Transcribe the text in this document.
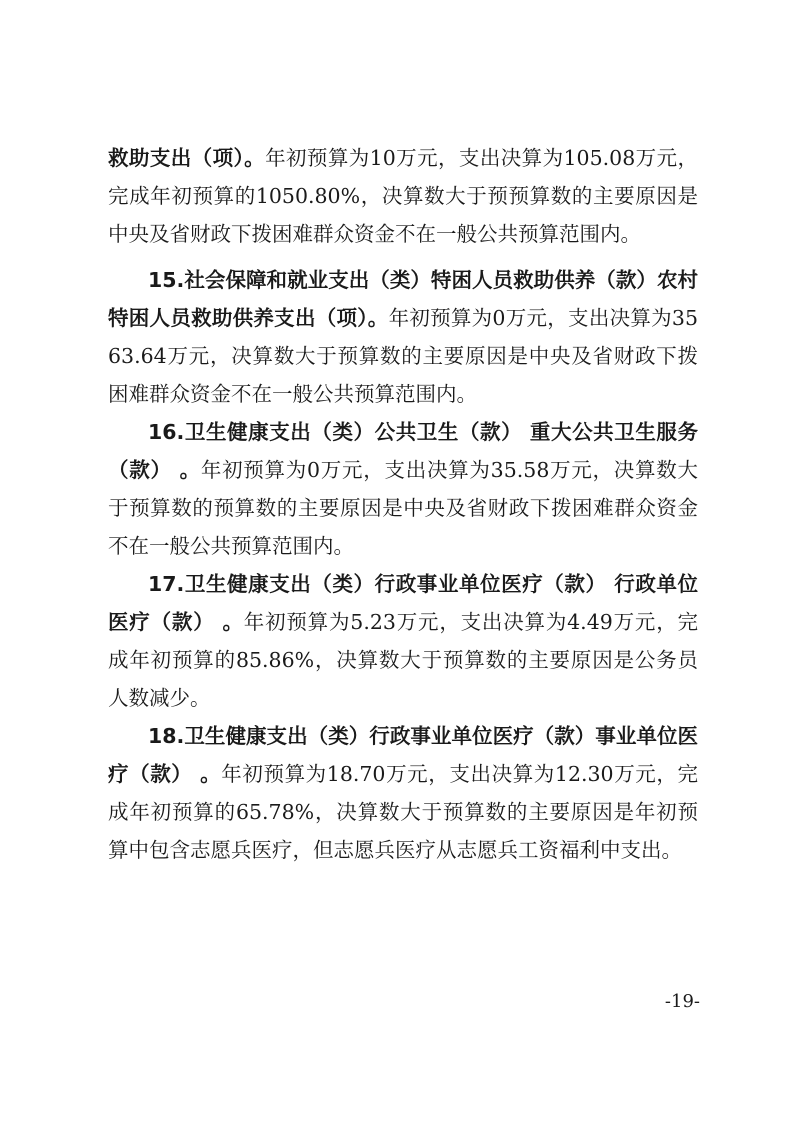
救助支出（项）。年初预算为10万元，支出决算为105.08万元，完成年初预算的1050.80%，决算数大于预预算数的主要原因是中央及省财政下拨困难群众资金不在一般公共预算范围内。

15.社会保障和就业支出（类）特困人员救助供养（款）农村特困人员救助供养支出（项）。年初预算为0万元，支出决算为3563.64万元，决算数大于预算数的主要原因是中央及省财政下拨困难群众资金不在一般公共预算范围内。

16.卫生健康支出（类）公共卫生（款） 重大公共卫生服务（款） 。年初预算为0万元，支出决算为35.58万元，决算数大于预算数的预算数的主要原因是中央及省财政下拨困难群众资金不在一般公共预算范围内。

17.卫生健康支出（类）行政事业单位医疗（款） 行政单位医疗（款） 。年初预算为5.23万元，支出决算为4.49万元，完成年初预算的85.86%，决算数大于预算数的主要原因是公务员人数减少。

18.卫生健康支出（类）行政事业单位医疗（款）事业单位医疗（款） 。年初预算为18.70万元，支出决算为12.30万元，完成年初预算的65.78%，决算数大于预算数的主要原因是年初预算中包含志愿兵医疗，但志愿兵医疗从志愿兵工资福利中支出。

-19-
